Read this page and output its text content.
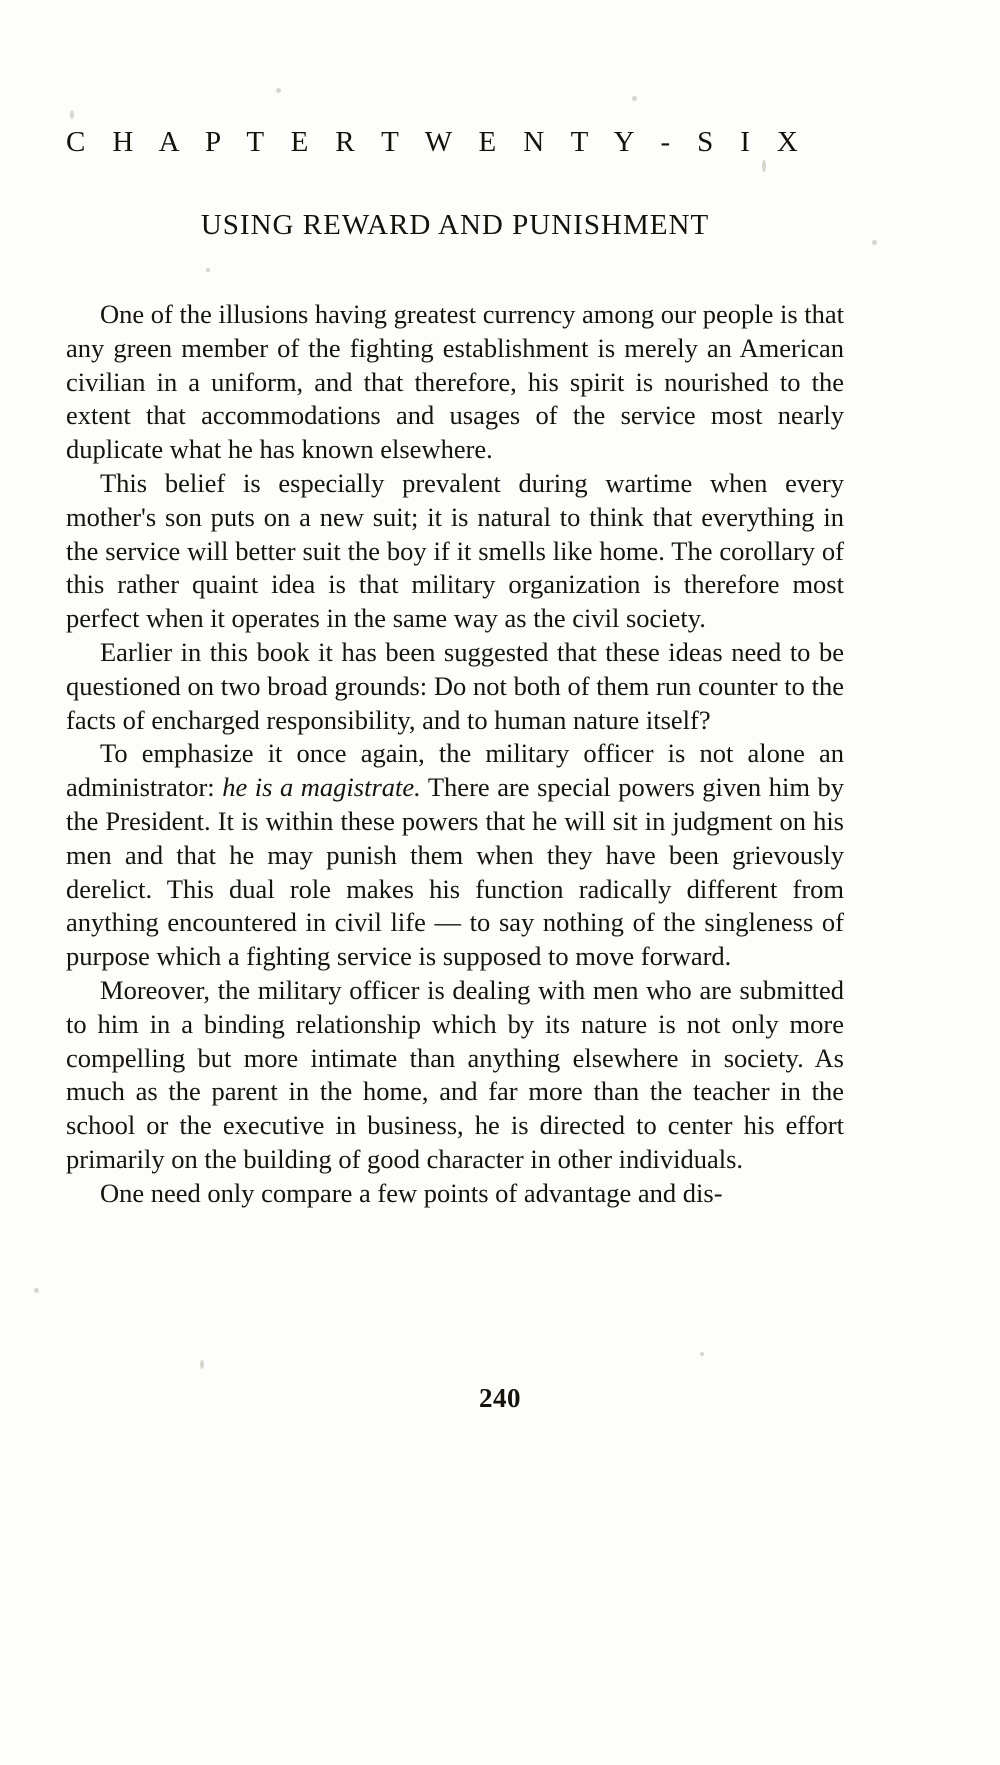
C H A P T E R T W E N T Y - S I X
USING REWARD AND PUNISHMENT

One of the illusions having greatest currency among our people is that any green member of the fighting establishment is merely an American civilian in a uniform, and that therefore, his spirit is nourished to the extent that accommodations and usages of the service most nearly duplicate what he has known elsewhere.

This belief is especially prevalent during wartime when every mother's son puts on a new suit; it is natural to think that everything in the service will better suit the boy if it smells like home. The corollary of this rather quaint idea is that military organization is therefore most perfect when it operates in the same way as the civil society.

Earlier in this book it has been suggested that these ideas need to be questioned on two broad grounds: Do not both of them run counter to the facts of encharged responsibility, and to human nature itself?

To emphasize it once again, the military officer is not alone an administrator: he is a magistrate. There are special powers given him by the President. It is within these powers that he will sit in judgment on his men and that he may punish them when they have been grievously derelict. This dual role makes his function radically different from anything encountered in civil life — to say nothing of the singleness of purpose which a fighting service is supposed to move forward.

Moreover, the military officer is dealing with men who are submitted to him in a binding relationship which by its nature is not only more compelling but more intimate than anything elsewhere in society. As much as the parent in the home, and far more than the teacher in the school or the executive in business, he is directed to center his effort primarily on the building of good character in other individuals.

One need only compare a few points of advantage and dis-

240
